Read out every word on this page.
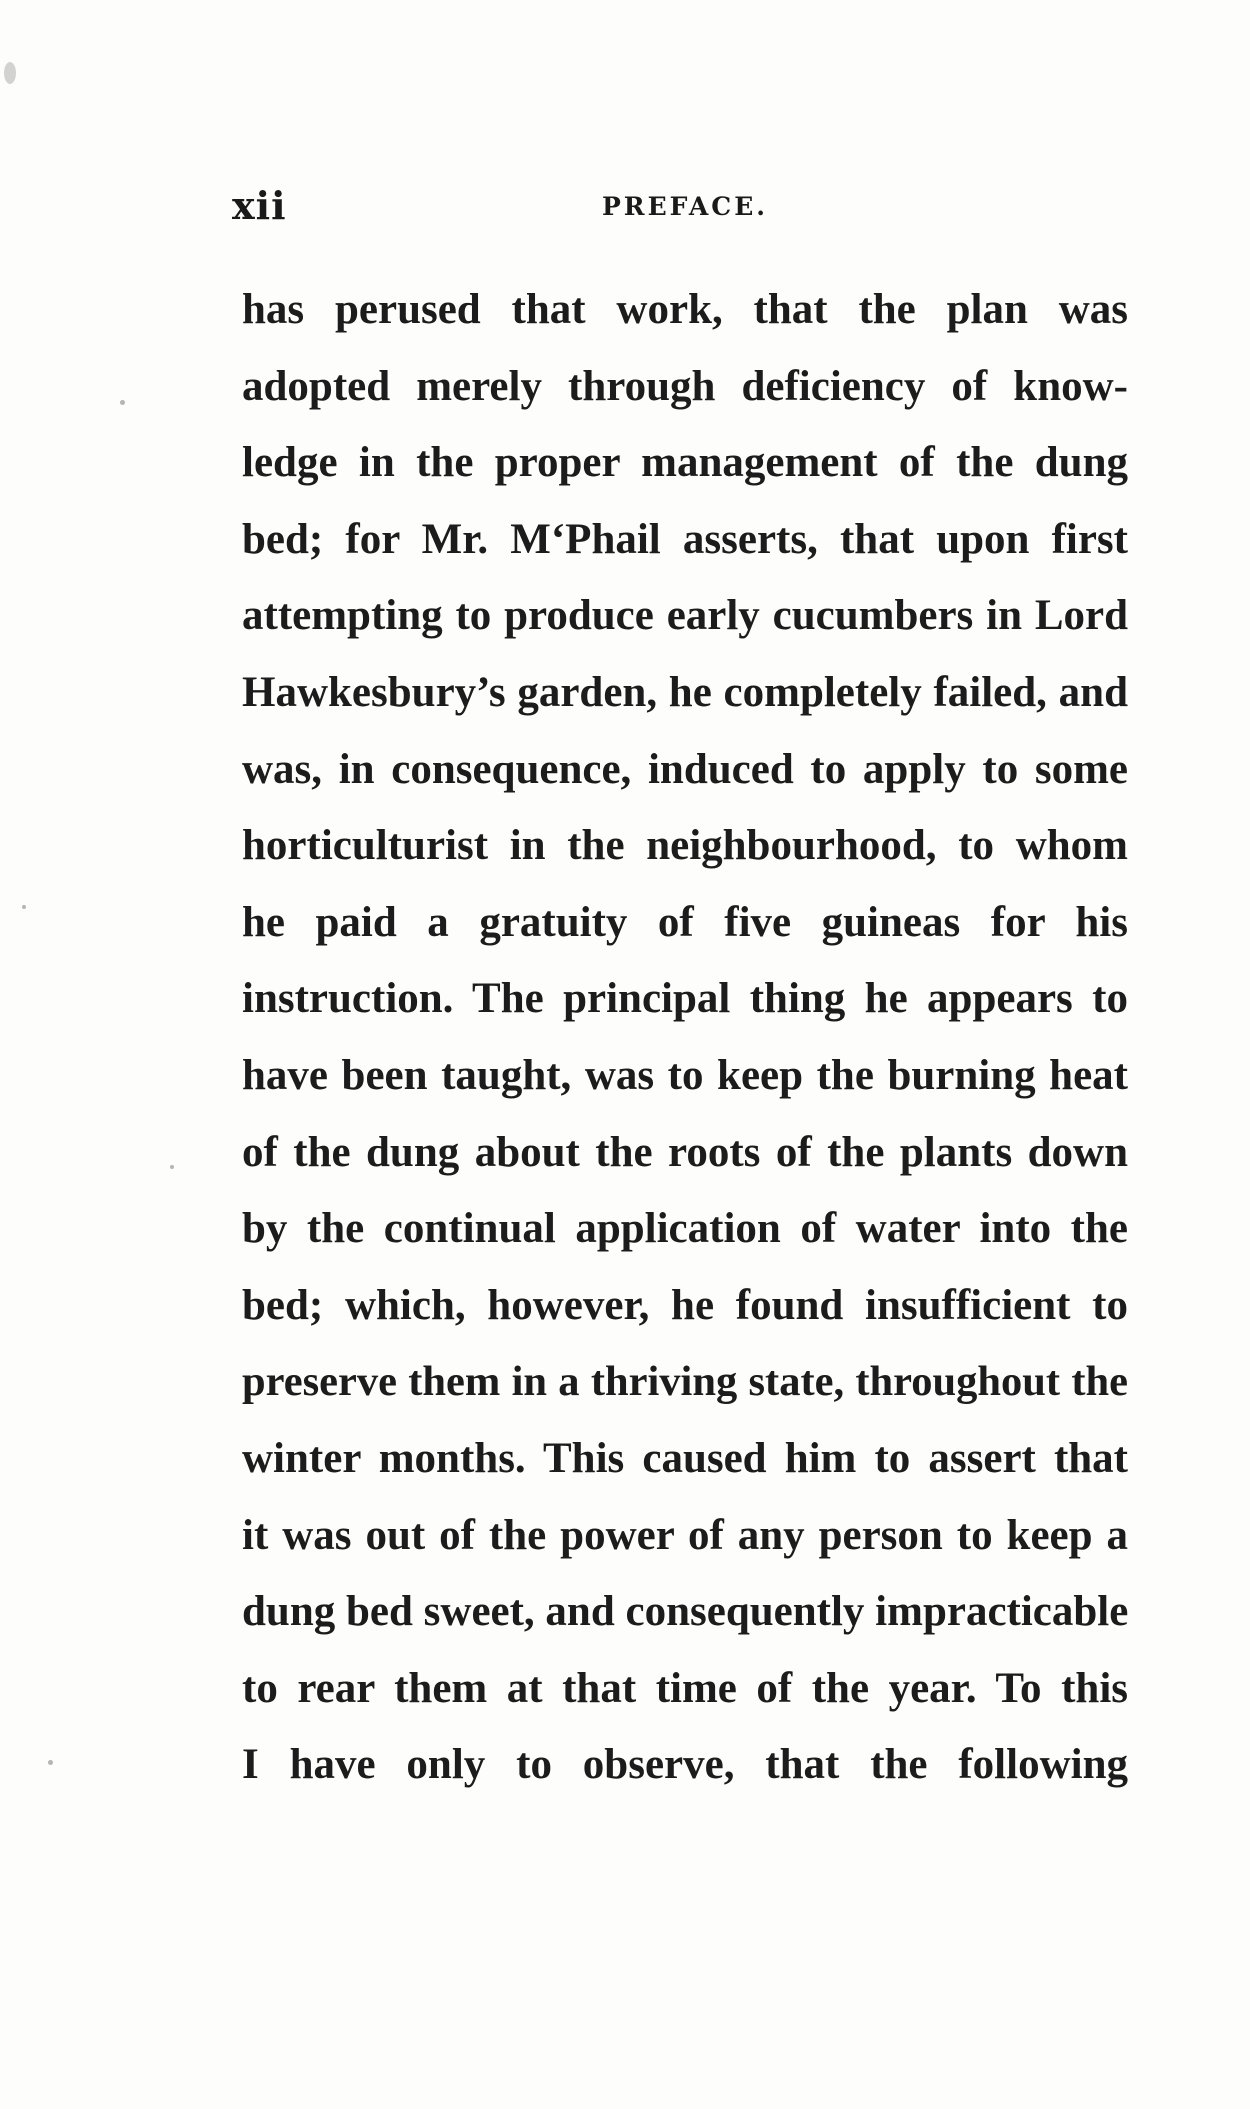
xii	PREFACE.
has perused that work, that the plan was
adopted merely through deficiency of know-
ledge in the proper management of the dung
bed; for Mr. M‘Phail asserts, that upon first
attempting to produce early cucumbers in Lord
Hawkesbury’s garden, he completely failed, and
was, in consequence, induced to apply to some
horticulturist in the neighbourhood, to whom
he paid a gratuity of five guineas for his
instruction. The principal thing he appears to
have been taught, was to keep the burning heat
of the dung about the roots of the plants down
by the continual application of water into the
bed; which, however, he found insufficient to
preserve them in a thriving state, throughout the
winter months. This caused him to assert that
it was out of the power of any person to keep a
dung bed sweet, and consequently impracticable
to rear them at that time of the year. To this
I have only to observe, that the following
